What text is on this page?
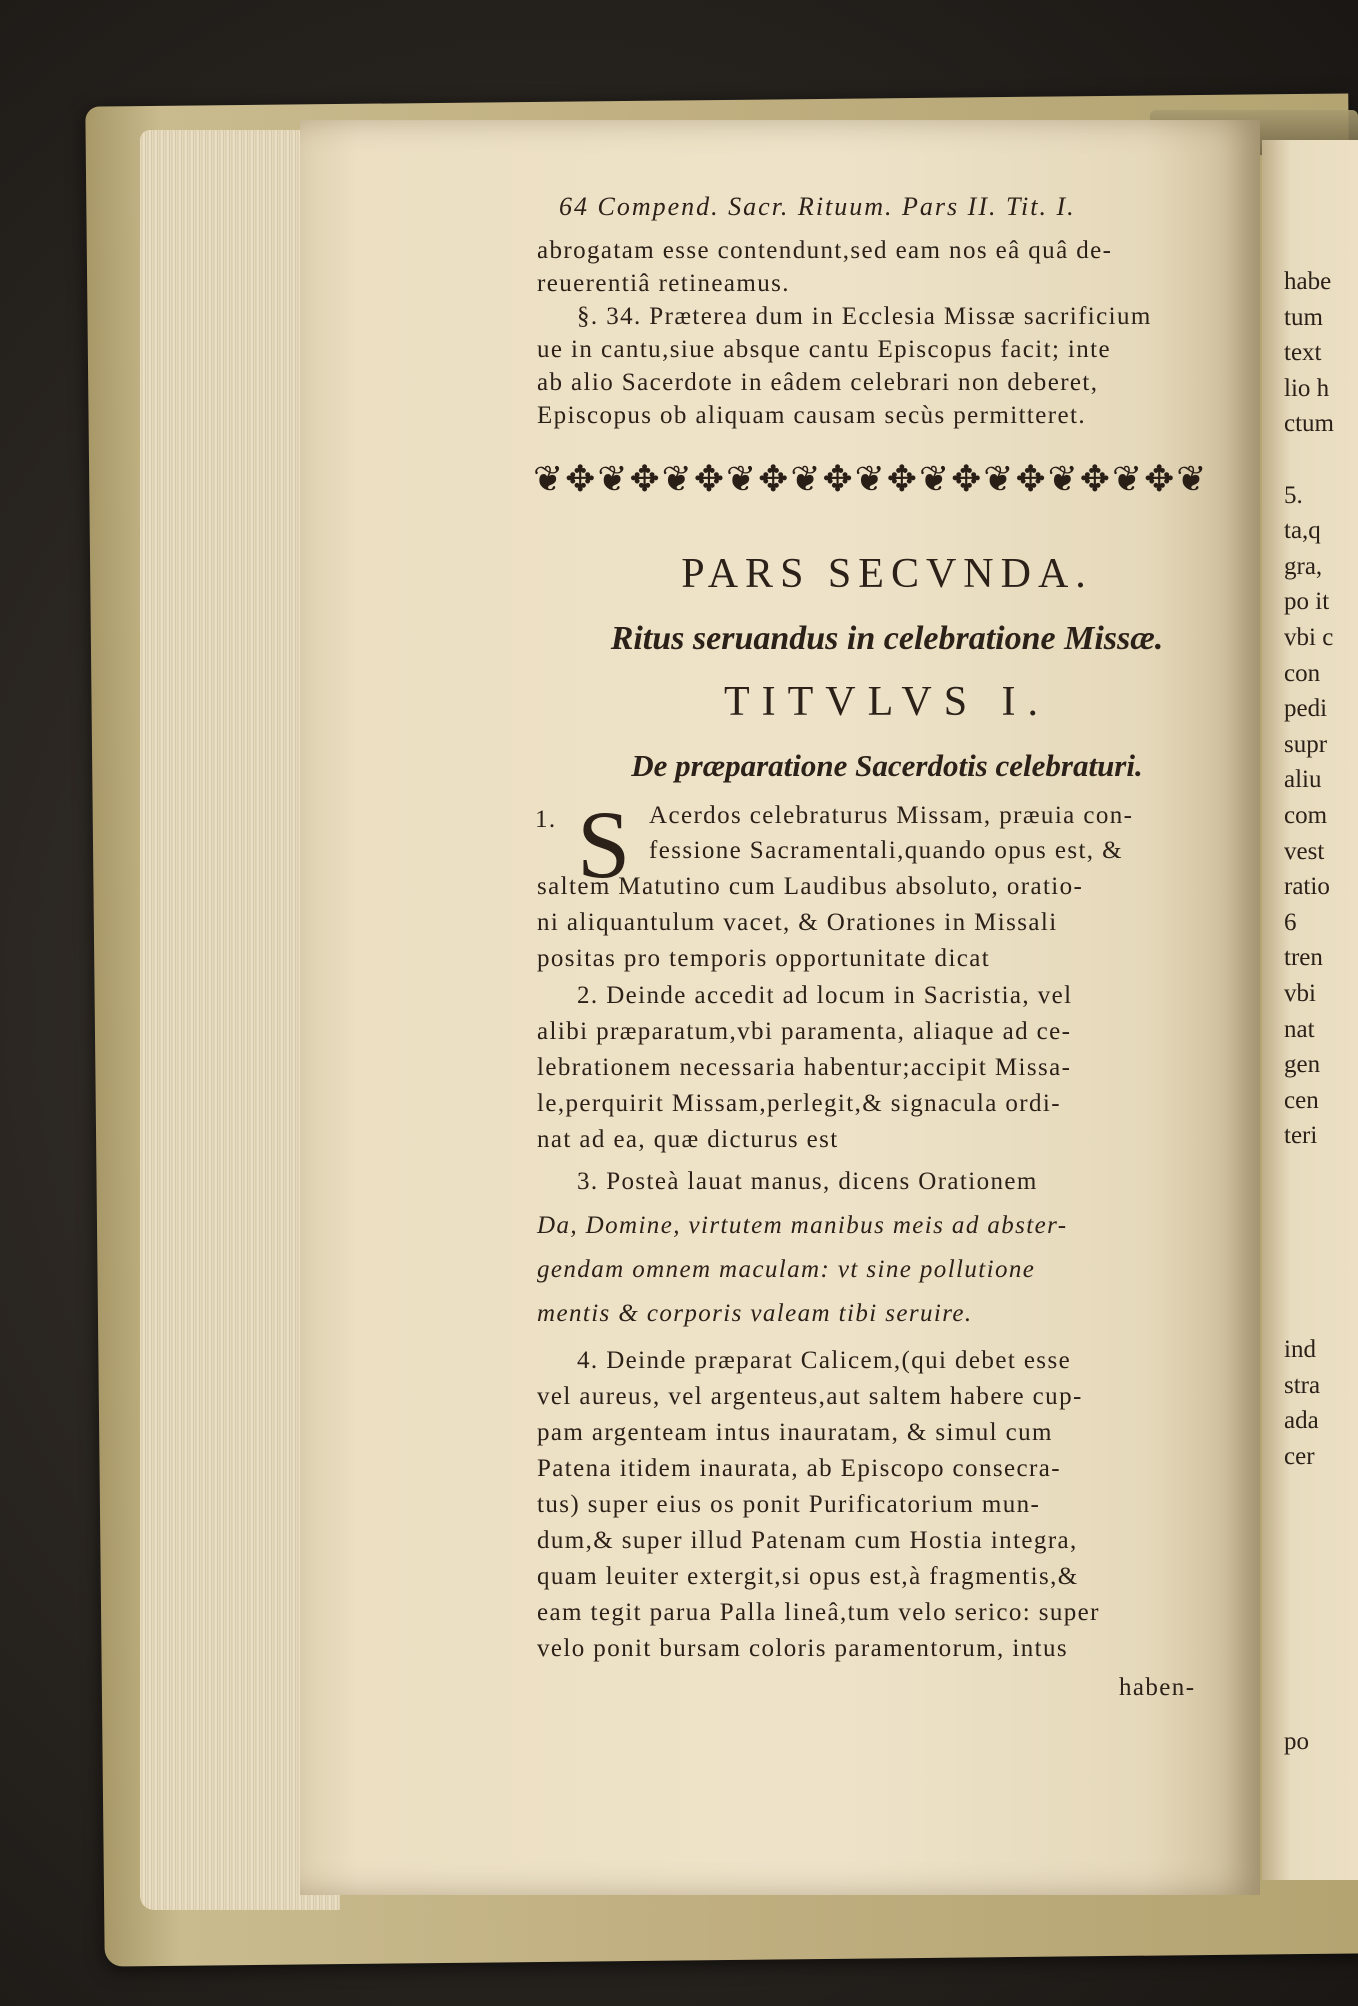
habe
tum
text
lio h
ctum
5.
ta,q
gra,
po it
vbi c
con
pedi
supr
aliu
com
vest
ratio
6
tren
vbi
nat
gen
cen
teri
ind
stra
ada
cer
po
64 Compend. Sacr. Rituum. Pars II. Tit. I.
abrogatam esse contendunt,sed eam nos eâ quâ de-
reuerentiâ retineamus.
§. 34. Præterea dum in Ecclesia Missæ sacrificium
ue in cantu,siue absque cantu Episcopus facit; inte
ab alio Sacerdote in eâdem celebrari non deberet,
Episcopus ob aliquam causam secùs permitteret.
❦✥❦✥❦✥❦✥❦✥❦✥❦✥❦✥❦✥❦✥❦
PARS SECVNDA.
Ritus seruandus in celebratione Missæ.
TITVLVS I.
De præparatione Sacerdotis celebraturi.
1. S Acerdos celebraturus Missam, præuia con-
fessione Sacramentali,quando opus est, &
saltem Matutino cum Laudibus absoluto, oratio-
ni aliquantulum vacet, & Orationes in Missali
positas pro temporis opportunitate dicat
2. Deinde accedit ad locum in Sacristia, vel
alibi præparatum,vbi paramenta, aliaque ad ce-
lebrationem necessaria habentur;accipit Missa-
le,perquirit Missam,perlegit,& signacula ordi-
nat ad ea, quæ dicturus est
3. Posteà lauat manus, dicens Orationem
Da, Domine, virtutem manibus meis ad abster-
gendam omnem maculam: vt sine pollutione
mentis & corporis valeam tibi seruire.
4. Deinde præparat Calicem,(qui debet esse
vel aureus, vel argenteus,aut saltem habere cup-
pam argenteam intus inauratam, & simul cum
Patena itidem inaurata, ab Episcopo consecra-
tus) super eius os ponit Purificatorium mun-
dum,& super illud Patenam cum Hostia integra,
quam leuiter extergit,si opus est,à fragmentis,&
eam tegit parua Palla lineâ,tum velo serico: super
velo ponit bursam coloris paramentorum, intus
haben-
